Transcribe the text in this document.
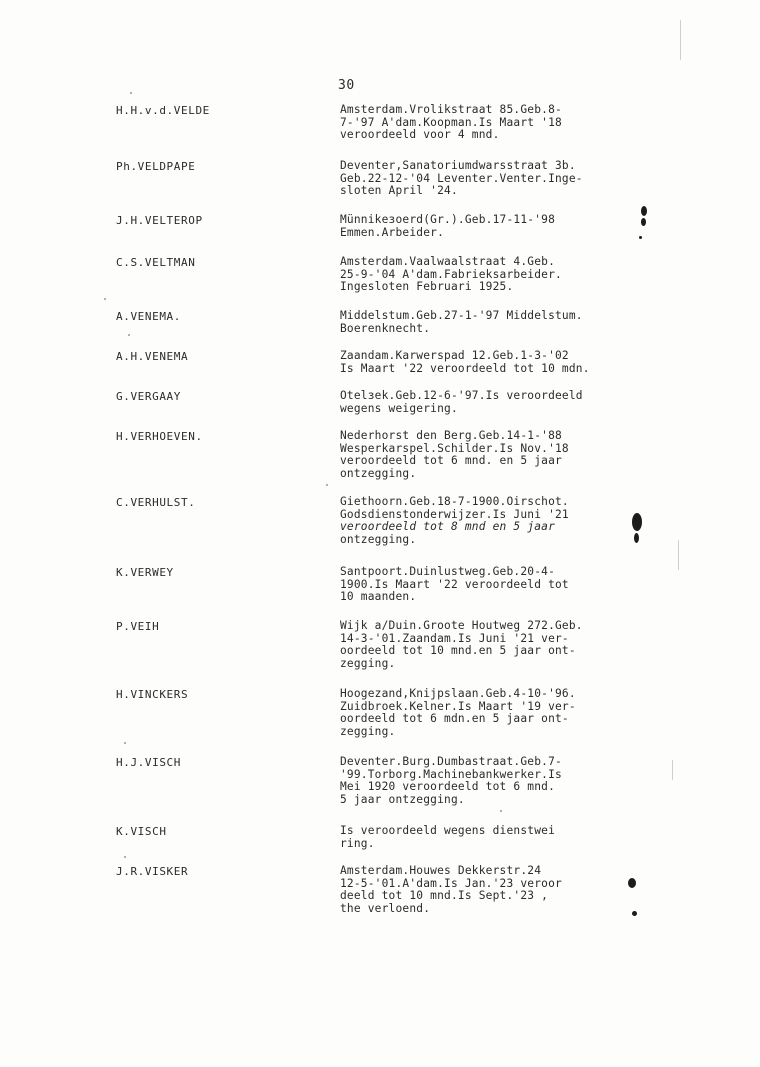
30
H.H.v.d.VELDE	Amsterdam.Vrolikstraat 85.Geb.8-
7-'97 A'dam.Koopman.Is Maart '18
veroordeeld voor 4 mnd.
Ph.VELDPAPE	Deventer,Sanatoriumdwarsstraat 3b.
Geb.22-12-'04 Leventer.Venter.Inge-
sloten April '24.
J.H.VELTEROP	Münnikeзoerd(Gr.).Geb.17-11-'98
Emmen.Arbeider.
C.S.VELTMAN	Amsterdam.Vaalwaalstraat 4.Geb.
25-9-'04 A'dam.Fabrieksarbeider.
Ingesloten Februari 1925.
A.VENEMA.	Middelstum.Geb.27-1-'97 Middelstum.
Boerenknecht.
A.H.VENEMA	Zaandam.Karwerspad 12.Geb.1-3-'02
Is Maart '22 veroordeeld tot 10 mdn.
G.VERGAAY	Otelзek.Geb.12-6-'97.Is veroordeeld
wegens weigering.
H.VERHOEVEN.	Nederhorst den Berg.Geb.14-1-'88
Wesperkarspel.Schilder.Is Nov.'18
veroordeeld tot 6 mnd. en 5 jaar
ontzegging.
C.VERHULST.	Giethoorn.Geb.18-7-1900.Oirschot.
Godsdienstonderwijzer.Is Juni '21
veroordeeld tot 8 mnd en 5 jaar
ontzegging.
K.VERWEY	Santpoort.Duinlustweg.Geb.20-4-
1900.Is Maart '22 veroordeeld tot
10 maanden.
P.VEIH	Wijk a/Duin.Groote Houtweg 272.Geb.
14-3-'01.Zaandam.Is Juni '21 ver-
oordeeld tot 10 mnd.en 5 jaar ont-
zegging.
H.VINCKERS	Hoogezand,Knijpslaan.Geb.4-10-'96.
Zuidbroek.Kelner.Is Maart '19 ver-
oordeeld tot 6 mdn.en 5 jaar ont-
zegging.
H.J.VISCH	Deventer.Burg.Dumbastraat.Geb.7-
'99.Torborg.Machinebankwerker.Is
Mei 1920 veroordeeld tot 6 mnd.
5 jaar ontzegging.
K.VISCH	Is veroordeeld wegens dienstwei
ring.
J.R.VISKER	Amsterdam.Houwes Dekkerstr.24
12-5-'01.A'dam.Is Jan.'23 veroor
deeld tot 10 mnd.Is Sept.'23 ,
the verloend.
